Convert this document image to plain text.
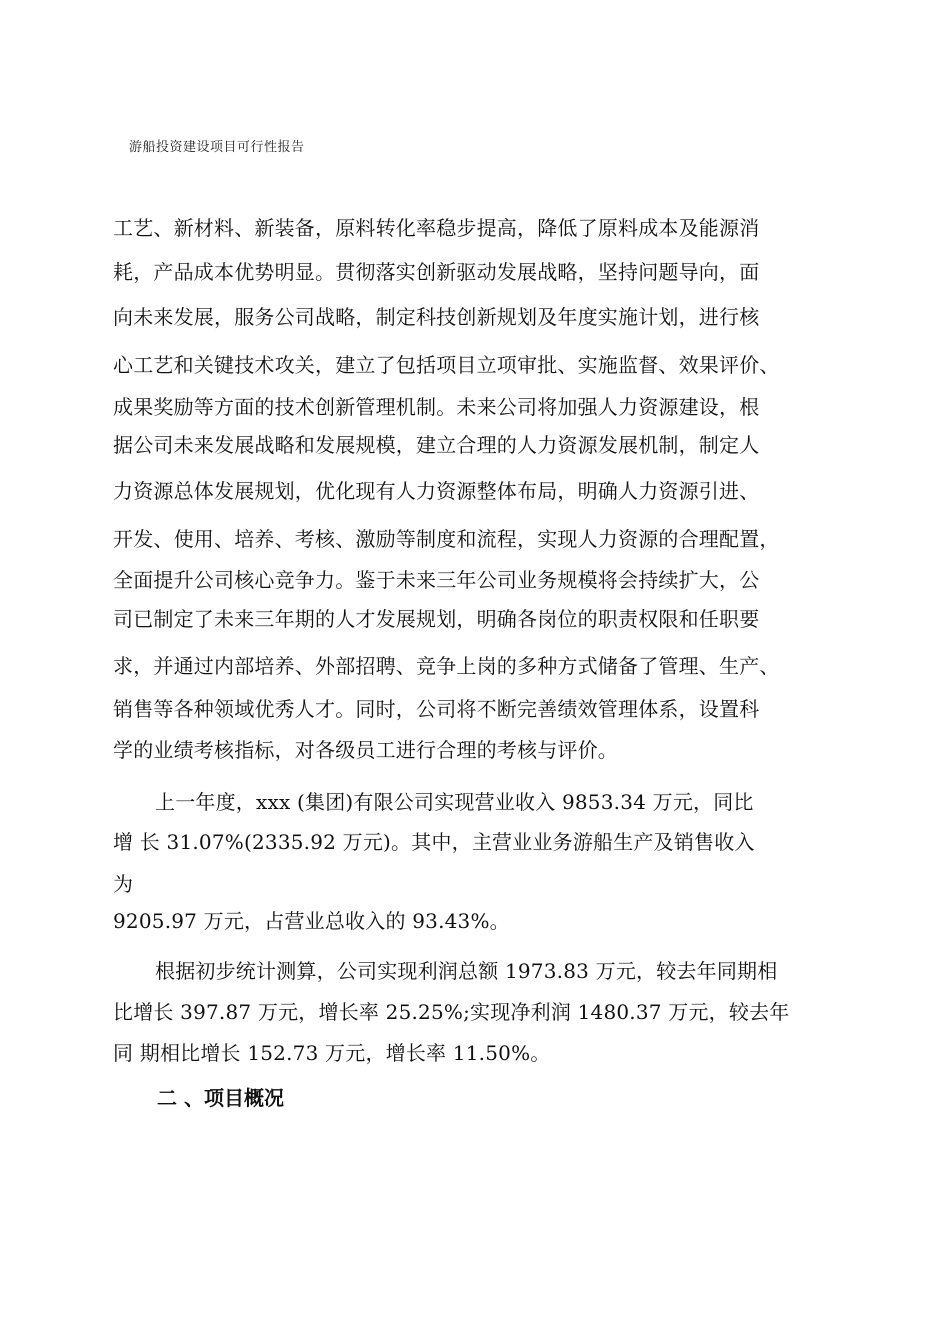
游船投资建设项目可行性报告
工艺、新材料、新装备，原料转化率稳步提高，降低了原料成本及能源消
耗，产品成本优势明显。贯彻落实创新驱动发展战略，坚持问题导向，面
向未来发展，服务公司战略，制定科技创新规划及年度实施计划，进行核
心工艺和关键技术攻关，建立了包括项目立项审批、实施监督、效果评价、
成果奖励等方面的技术创新管理机制。未来公司将加强人力资源建设，根
据公司未来发展战略和发展规模，建立合理的人力资源发展机制，制定人
力资源总体发展规划，优化现有人力资源整体布局，明确人力资源引进、
开发、使用、培养、考核、激励等制度和流程，实现人力资源的合理配置，
全面提升公司核心竞争力。鉴于未来三年公司业务规模将会持续扩大，公
司已制定了未来三年期的人才发展规划，明确各岗位的职责权限和任职要
求，并通过内部培养、外部招聘、竞争上岗的多种方式储备了管理、生产、
销售等各种领域优秀人才。同时，公司将不断完善绩效管理体系，设置科
学的业绩考核指标，对各级员工进行合理的考核与评价。
上一年度，xxx (集团)有限公司实现营业收入 9853.34 万元，同比
增 长 31.07%(2335.92 万元)。其中，主营业业务游船生产及销售收入
为
9205.97 万元，占营业总收入的 93.43%。
根据初步统计测算，公司实现利润总额 1973.83 万元，较去年同期相
比增长 397.87 万元，增长率 25.25%;实现净利润 1480.37 万元，较去年
同 期相比增长 152.73 万元，增长率 11.50%。
二 、项目概况
